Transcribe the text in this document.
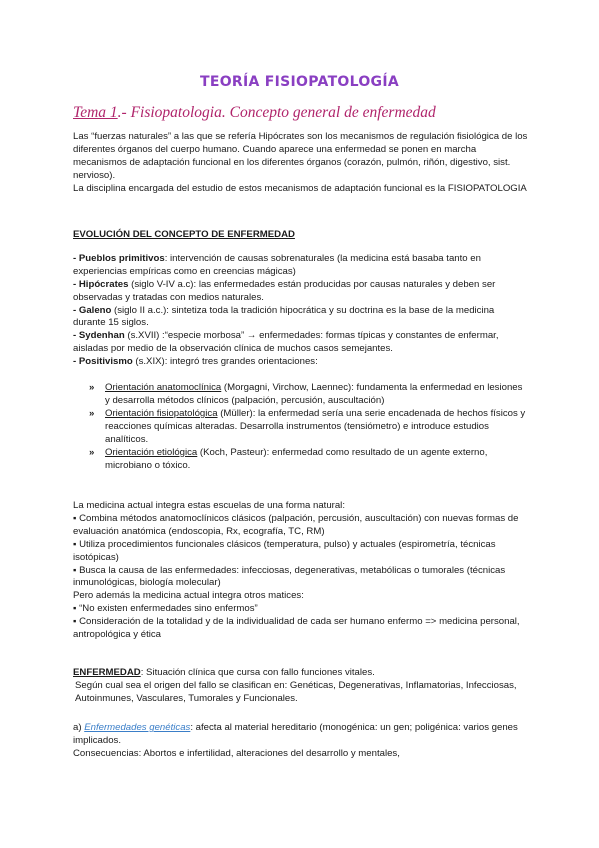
TEORÍA FISIOPATOLOGÍA
Tema 1.- Fisiopatologia. Concepto general de enfermedad

Las “fuerzas naturales” a las que se refería Hipócrates son los mecanismos de regulación fisiológica de los diferentes órganos del cuerpo humano. Cuando aparece una enfermedad se ponen en marcha mecanismos de adaptación funcional en los diferentes órganos (corazón, pulmón, riñón, digestivo, sist. nervioso).

La disciplina encargada del estudio de estos mecanismos de adaptación funcional es la FISIOPATOLOGIA

EVOLUCIÓN DEL CONCEPTO DE ENFERMEDAD

- Pueblos primitivos: intervención de causas sobrenaturales (la medicina está basaba tanto en experiencias empíricas como en creencias mágicas)

- Hipócrates (siglo V-IV a.c): las enfermedades están producidas por causas naturales y deben ser observadas y tratadas con medios naturales.

- Galeno (siglo II a.c.): sintetiza toda la tradición hipocrática y su doctrina es la base de la medicina durante 15 siglos.

- Sydenhan (s.XVII) :“especie morbosa” → enfermedades: formas típicas y constantes de enfermar, aisladas por medio de la observación clínica de muchos casos semejantes.

- Positivismo (s.XIX): integró tres grandes orientaciones:

» Orientación anatomoclínica (Morgagni, Virchow, Laennec): fundamenta la enfermedad en lesiones y desarrolla métodos clínicos (palpación, percusión, auscultación)
» Orientación fisiopatológica (Müller): la enfermedad sería una serie encadenada de hechos físicos y reacciones químicas alteradas. Desarrolla instrumentos (tensiómetro) e introduce estudios analíticos.
» Orientación etiológica (Koch, Pasteur): enfermedad como resultado de un agente externo, microbiano o tóxico.

La medicina actual integra estas escuelas de una forma natural:

▪ Combina métodos anatomoclínicos clásicos (palpación, percusión, auscultación) con nuevas formas de evaluación anatómica (endoscopia, Rx, ecografía, TC, RM)

▪ Utiliza procedimientos funcionales clásicos (temperatura, pulso) y actuales (espirometría, técnicas isotópicas)

▪ Busca la causa de las enfermedades: infecciosas, degenerativas, metabólicas o tumorales (técnicas inmunológicas, biología molecular)

Pero además la medicina actual integra otros matices:

▪ “No existen enfermedades sino enfermos”

▪ Consideración de la totalidad y de la individualidad de cada ser humano enfermo => medicina personal, antropológica y ética

ENFERMEDAD: Situación clínica que cursa con fallo funciones vitales.

Según cual sea el origen del fallo se clasifican en: Genéticas, Degenerativas, Inflamatorias, Infecciosas, Autoinmunes, Vasculares, Tumorales y Funcionales.

a) Enfermedades genéticas: afecta al material hereditario (monogénica: un gen; poligénica: varios genes implicados.

Consecuencias: Abortos e infertilidad, alteraciones del desarrollo y mentales,
